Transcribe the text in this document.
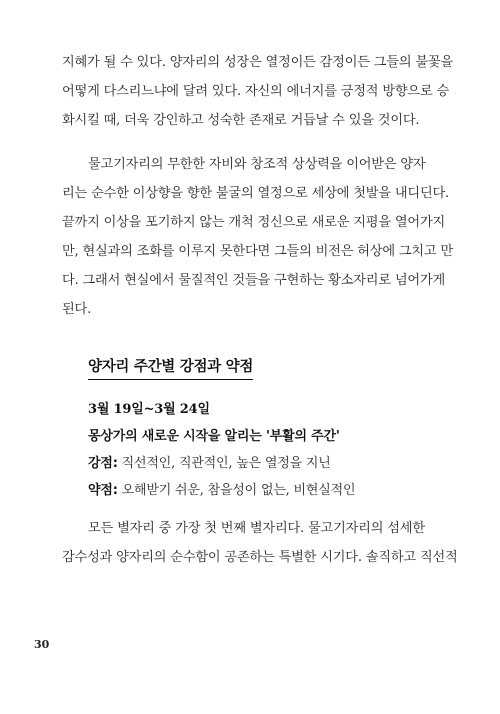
지혜가 될 수 있다. 양자리의 성장은 열정이든 감정이든 그들의 불꽃을
어떻게 다스리느냐에 달려 있다. 자신의 에너지를 긍정적 방향으로 승
화시킬 때, 더욱 강인하고 성숙한 존재로 거듭날 수 있을 것이다.
물고기자리의 무한한 자비와 창조적 상상력을 이어받은 양자
리는 순수한 이상향을 향한 불굴의 열정으로 세상에 첫발을 내디딘다.
끝까지 이상을 포기하지 않는 개척 정신으로 새로운 지평을 열어가지
만, 현실과의 조화를 이루지 못한다면 그들의 비전은 허상에 그치고 만
다. 그래서 현실에서 물질적인 것들을 구현하는 황소자리로 넘어가게
된다.
양자리 주간별 강점과 약점
3월 19일~3월 24일
몽상가의 새로운 시작을 알리는 '부활의 주간'
강점: 직선적인, 직관적인, 높은 열정을 지닌
약점: 오해받기 쉬운, 참을성이 없는, 비현실적인
모든 별자리 중 가장 첫 번째 별자리다. 물고기자리의 섬세한
감수성과 양자리의 순수함이 공존하는 특별한 시기다. 솔직하고 직선적
30
